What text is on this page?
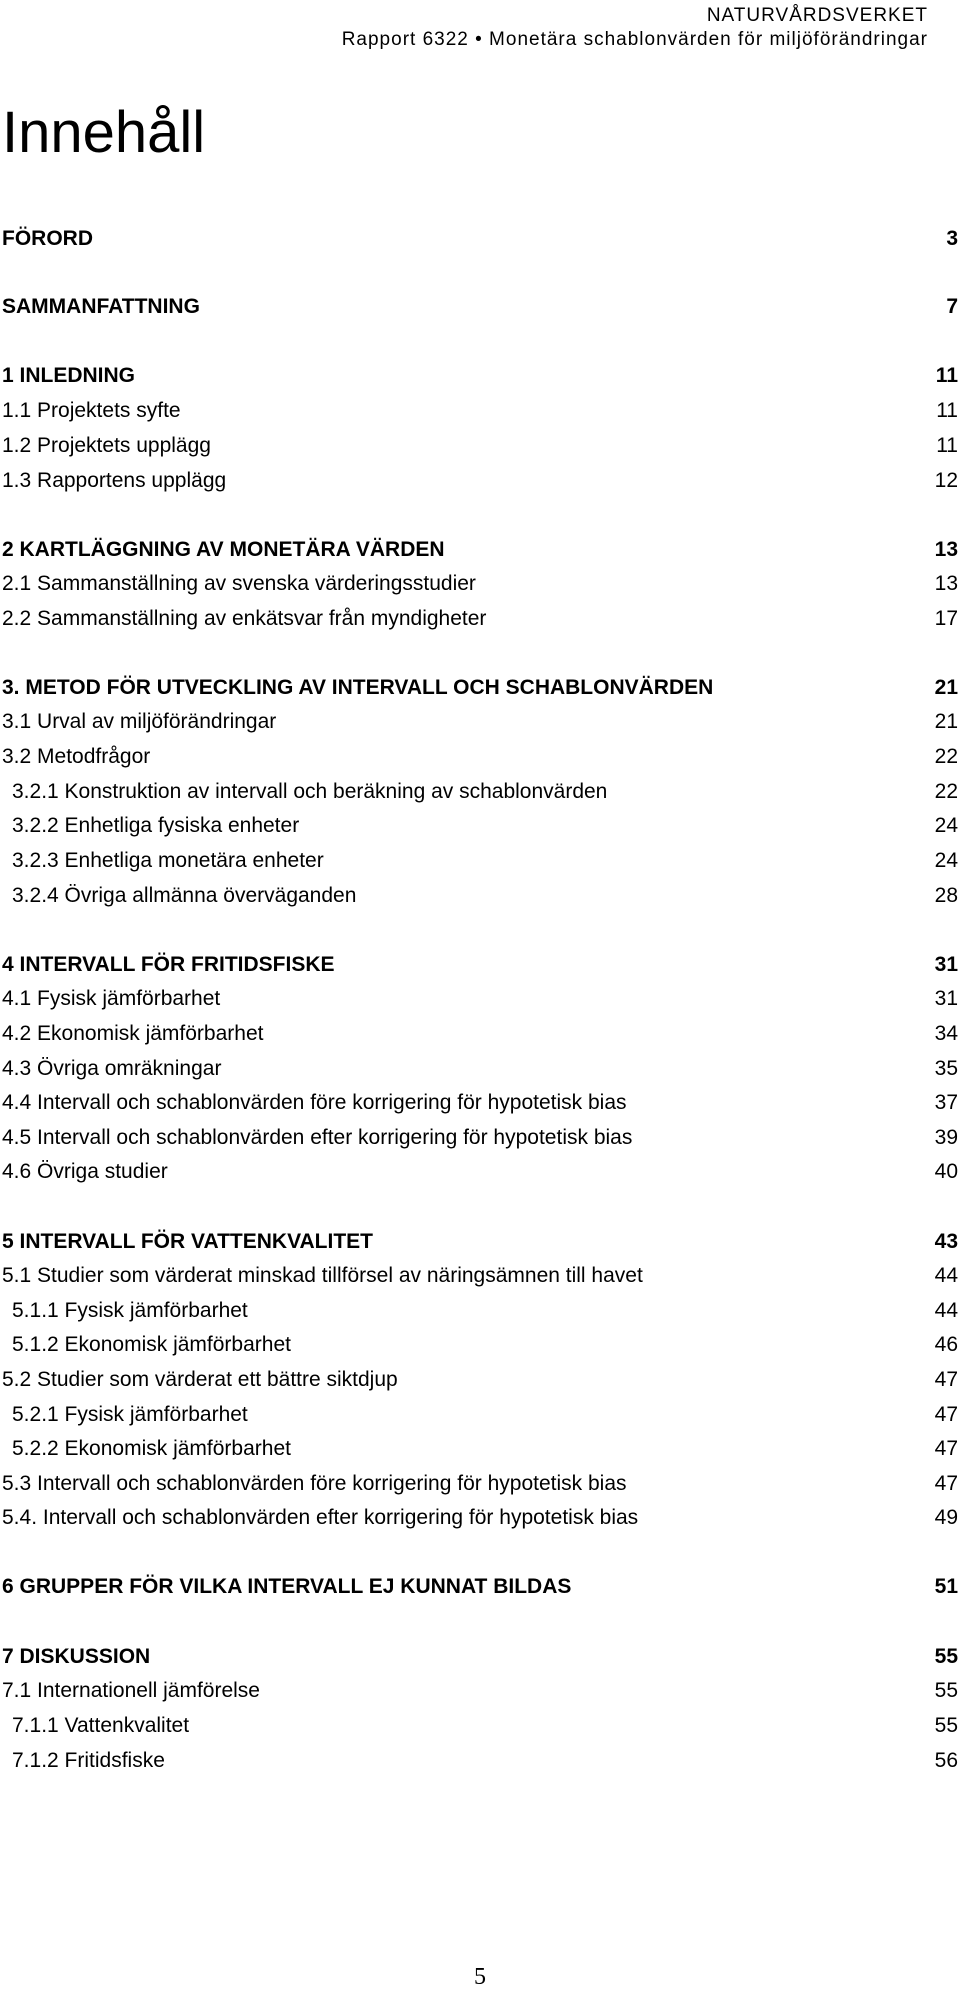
NATURVÅRDSVERKET
Rapport 6322 • Monetära schablonvärden för miljöförändringar
Innehåll
FÖRORD	3
SAMMANFATTNING	7
1 INLEDNING	11
1.1 Projektets syfte	11
1.2 Projektets upplägg	11
1.3 Rapportens upplägg	12
2 KARTLÄGGNING AV MONETÄRA VÄRDEN	13
2.1 Sammanställning av svenska värderingsstudier	13
2.2 Sammanställning av enkätsvar från myndigheter	17
3. METOD FÖR UTVECKLING AV INTERVALL OCH SCHABLONVÄRDEN	21
3.1 Urval av miljöförändringar	21
3.2 Metodfrågor	22
3.2.1 Konstruktion av intervall och beräkning av schablonvärden	22
3.2.2 Enhetliga fysiska enheter	24
3.2.3 Enhetliga monetära enheter	24
3.2.4 Övriga allmänna överväganden	28
4 INTERVALL FÖR FRITIDSFISKE	31
4.1 Fysisk jämförbarhet	31
4.2 Ekonomisk jämförbarhet	34
4.3 Övriga omräkningar	35
4.4 Intervall och schablonvärden före korrigering för hypotetisk bias	37
4.5 Intervall och schablonvärden efter korrigering för hypotetisk bias	39
4.6 Övriga studier	40
5 INTERVALL FÖR VATTENKVALITET	43
5.1 Studier som värderat minskad tillförsel av näringsämnen till havet	44
5.1.1 Fysisk jämförbarhet	44
5.1.2 Ekonomisk jämförbarhet	46
5.2 Studier som värderat ett bättre siktdjup	47
5.2.1 Fysisk jämförbarhet	47
5.2.2 Ekonomisk jämförbarhet	47
5.3 Intervall och schablonvärden före korrigering för hypotetisk bias	47
5.4. Intervall och schablonvärden efter korrigering för hypotetisk bias	49
6 GRUPPER FÖR VILKA INTERVALL EJ KUNNAT BILDAS	51
7 DISKUSSION	55
7.1 Internationell jämförelse	55
7.1.1 Vattenkvalitet	55
7.1.2 Fritidsfiske	56
5
